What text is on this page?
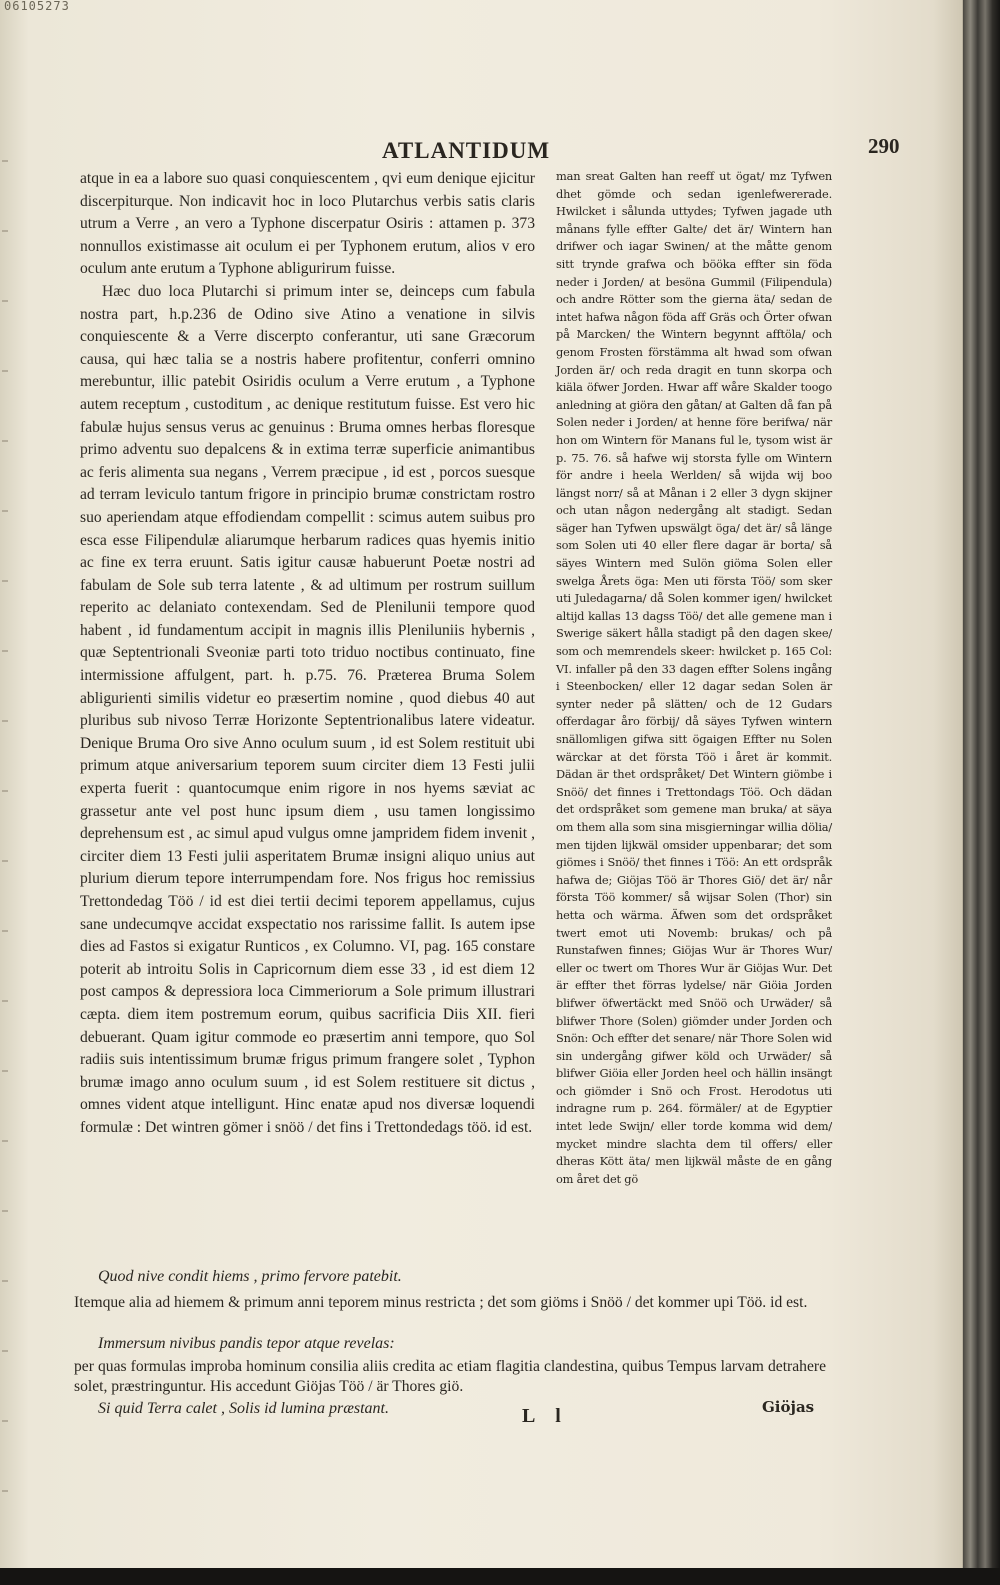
06105273
ATLANTIDUM	290

atque in ea a labore suo quasi conquiescentem , qvi eum denique ejicitur discerpiturque. Non indicavit hoc in loco Plutarchus verbis satis claris utrum a Verre , an vero a Typhone discerpatur Osiris : attamen p. 373 nonnullos existimasse ait oculum ei per Typhonem erutum, alios v ero oculum ante erutum a Typhone abligurirum fuisse.

Hæc duo loca Plutarchi si primum inter se, deinceps cum fabula nostra part, h.p.236 de Odino sive Atino a venatione in silvis conquiescente & a Verre discerpto conferantur, uti sane Græcorum causa, qui hæc talia se a nostris habere profitentur, conferri omnino merebuntur, illic patebit Osiridis oculum a Verre erutum , a Typhone autem receptum , custoditum , ac denique restitutum fuisse. Est vero hic fabulæ hujus sensus verus ac genuinus : Bruma omnes herbas floresque primo adventu suo depalcens & in extima terræ superficie animantibus ac feris alimenta sua negans , Verrem præcipue , id est , porcos suesque ad terram leviculo tantum frigore in principio brumæ constrictam rostro suo aperiendam atque effodiendam compellit : scimus autem suibus pro esca esse Filipendulæ aliarumque herbarum radices quas hyemis initio ac fine ex terra eruunt. Satis igitur causæ habuerunt Poetæ nostri ad fabulam de Sole sub terra latente , & ad ultimum per rostrum suillum reperito ac delaniato contexendam. Sed de Plenilunii tempore quod habent , id fundamentum accipit in magnis illis Pleniluniis hybernis , quæ Septentrionali Sveoniæ parti toto triduo noctibus continuato, fine intermissione affulgent, part. h. p.75. 76. Præterea Bruma Solem abligurienti similis videtur eo præsertim nomine , quod diebus 40 aut pluribus sub nivoso Terræ Horizonte Septentrionalibus latere videatur. Denique Bruma Oro sive Anno oculum suum , id est Solem restituit ubi primum atque aniversarium teporem suum circiter diem 13 Festi julii experta fuerit : quantocumque enim rigore in nos hyems sæviat ac grassetur ante vel post hunc ipsum diem , usu tamen longissimo deprehensum est , ac simul apud vulgus omne jampridem fidem invenit , circiter diem 13 Festi julii asperitatem Brumæ insigni aliquo unius aut plurium dierum tepore interrumpendam fore. Nos frigus hoc remissius Trettondedag Töö / id est diei tertii decimi teporem appellamus, cujus sane undecumqve accidat exspectatio nos rarissime fallit. Is autem ipse dies ad Fastos si exigatur Runticos , ex Columno. VI, pag. 165 constare poterit ab introitu Solis in Capricornum diem esse 33 , id est diem 12 post campos & depressiora loca Cimmeriorum a Sole primum illustrari cæpta. diem item postremum eorum, quibus sacrificia Diis XII. fieri debuerant. Quam igitur commode eo præsertim anni tempore, quo Sol radiis suis intentissimum brumæ frigus primum frangere solet , Typhon brumæ imago anno oculum suum , id est Solem restituere sit dictus , omnes vident atque intelligunt. Hinc enatæ apud nos diversæ loquendi formulæ : Det wintren gömer i snöö / det fins i Trettondedags töö. id est.

man sreat Galten han reeff ut ögat/ mz Tyfwen dhet gömde och sedan igenlefwererade. Hwilcket i sålunda uttydes; Tyfwen jagade uth månans fylle effter Galte/ det är/ Wintern han drifwer och iagar Swinen/ at the måtte genom sitt trynde grafwa och bööka effter sin föda neder i Jorden/ at besöna Gummil (Filipendula) och andre Rötter som the gierna äta/ sedan de intet hafwa någon föda aff Gräs och Örter ofwan på Marcken/ the Wintern begynnt afftöla/ och genom Frosten förstämma alt hwad som ofwan Jorden är/ och reda dragit en tunn skorpa och kiäla öfwer Jorden. Hwar aff wåre Skalder toogo anledning at giöra den gåtan/ at Galten då fan på Solen neder i Jorden/ at henne före berifwa/ när hon om Wintern för Manans ful le, tysom wist är p. 75. 76. så hafwe wij storsta fylle om Wintern för andre i heela Werlden/ så wijda wij boo längst norr/ så at Månan i 2 eller 3 dygn skijner och utan någon nedergång alt stadigt. Sedan säger han Tyfwen upswälgt öga/ det är/ så länge som Solen uti 40 eller flere dagar är borta/ så säyes Wintern med Sulön giöma Solen eller swelga Årets öga: Men uti första Töö/ som sker uti Juledagarna/ då Solen kommer igen/ hwilcket altijd kallas 13 dagss Töö/ det alle gemene man i Swerige säkert hålla stadigt på den dagen skee/ som och memrendels skeer: hwilcket p. 165 Col: VI. infaller på den 33 dagen effter Solens ingång i Steenbocken/ eller 12 dagar sedan Solen är synter neder på slätten/ och de 12 Gudars offerdagar åro förbij/ då säyes Tyfwen wintern snällomligen gifwa sitt ögaigen Effter nu Solen wärckar at det första Töö i året är kommit. Dädan är thet ordspråket/ Det Wintern giömbe i Snöö/ det finnes i Trettondags Töö. Och dädan det ordspråket som gemene man bruka/ at säya om them alla som sina misgierningar willia dölia/ men tijden lijkwäl omsider uppenbarar; det som giömes i Snöö/ thet finnes i Töö: An ett ordspråk hafwa de; Giöjas Töö är Thores Giö/ det är/ når första Töö kommer/ så wijsar Solen (Thor) sin hetta och wärma. Äfwen som det ordspråket twert emot uti Novemb: brukas/ och på Runstafwen finnes; Giöjas Wur är Thores Wur/ eller oc twert om Thores Wur är Giöjas Wur. Det är effter thet förras lydelse/ när Giöia Jorden blifwer öfwertäckt med Snöö och Urwäder/ så blifwer Thore (Solen) giömder under Jorden och Snön: Och effter det senare/ när Thore Solen wid sin undergång gifwer köld och Urwäder/ så blifwer Giöia eller Jorden heel och hällin insängt och giömder i Snö och Frost. Herodotus uti indragne rum p. 264. förmäler/ at de Egyptier intet lede Swijn/ eller torde komma wid dem/ mycket mindre slachta dem til offers/ eller dheras Kött äta/ men lijkwäl måste de en gång om året det gö

Quod nive condit hiems , primo fervore patebit.
Itemque alia ad hiemem & primum anni teporem minus restricta ; det som giöms i Snöö / det kommer upi Töö. id est.
Immersum nivibus pandis tepor atque revelas:
per quas formulas improba hominum consilia aliis credita ac etiam flagitia clandestina, quibus Tempus larvam detrahere solet, præstringuntur. His accedunt Giöjas Töö / är Thores giö.
Si quid Terra calet , Solis id lumina præstant.	L l	Giöjas
